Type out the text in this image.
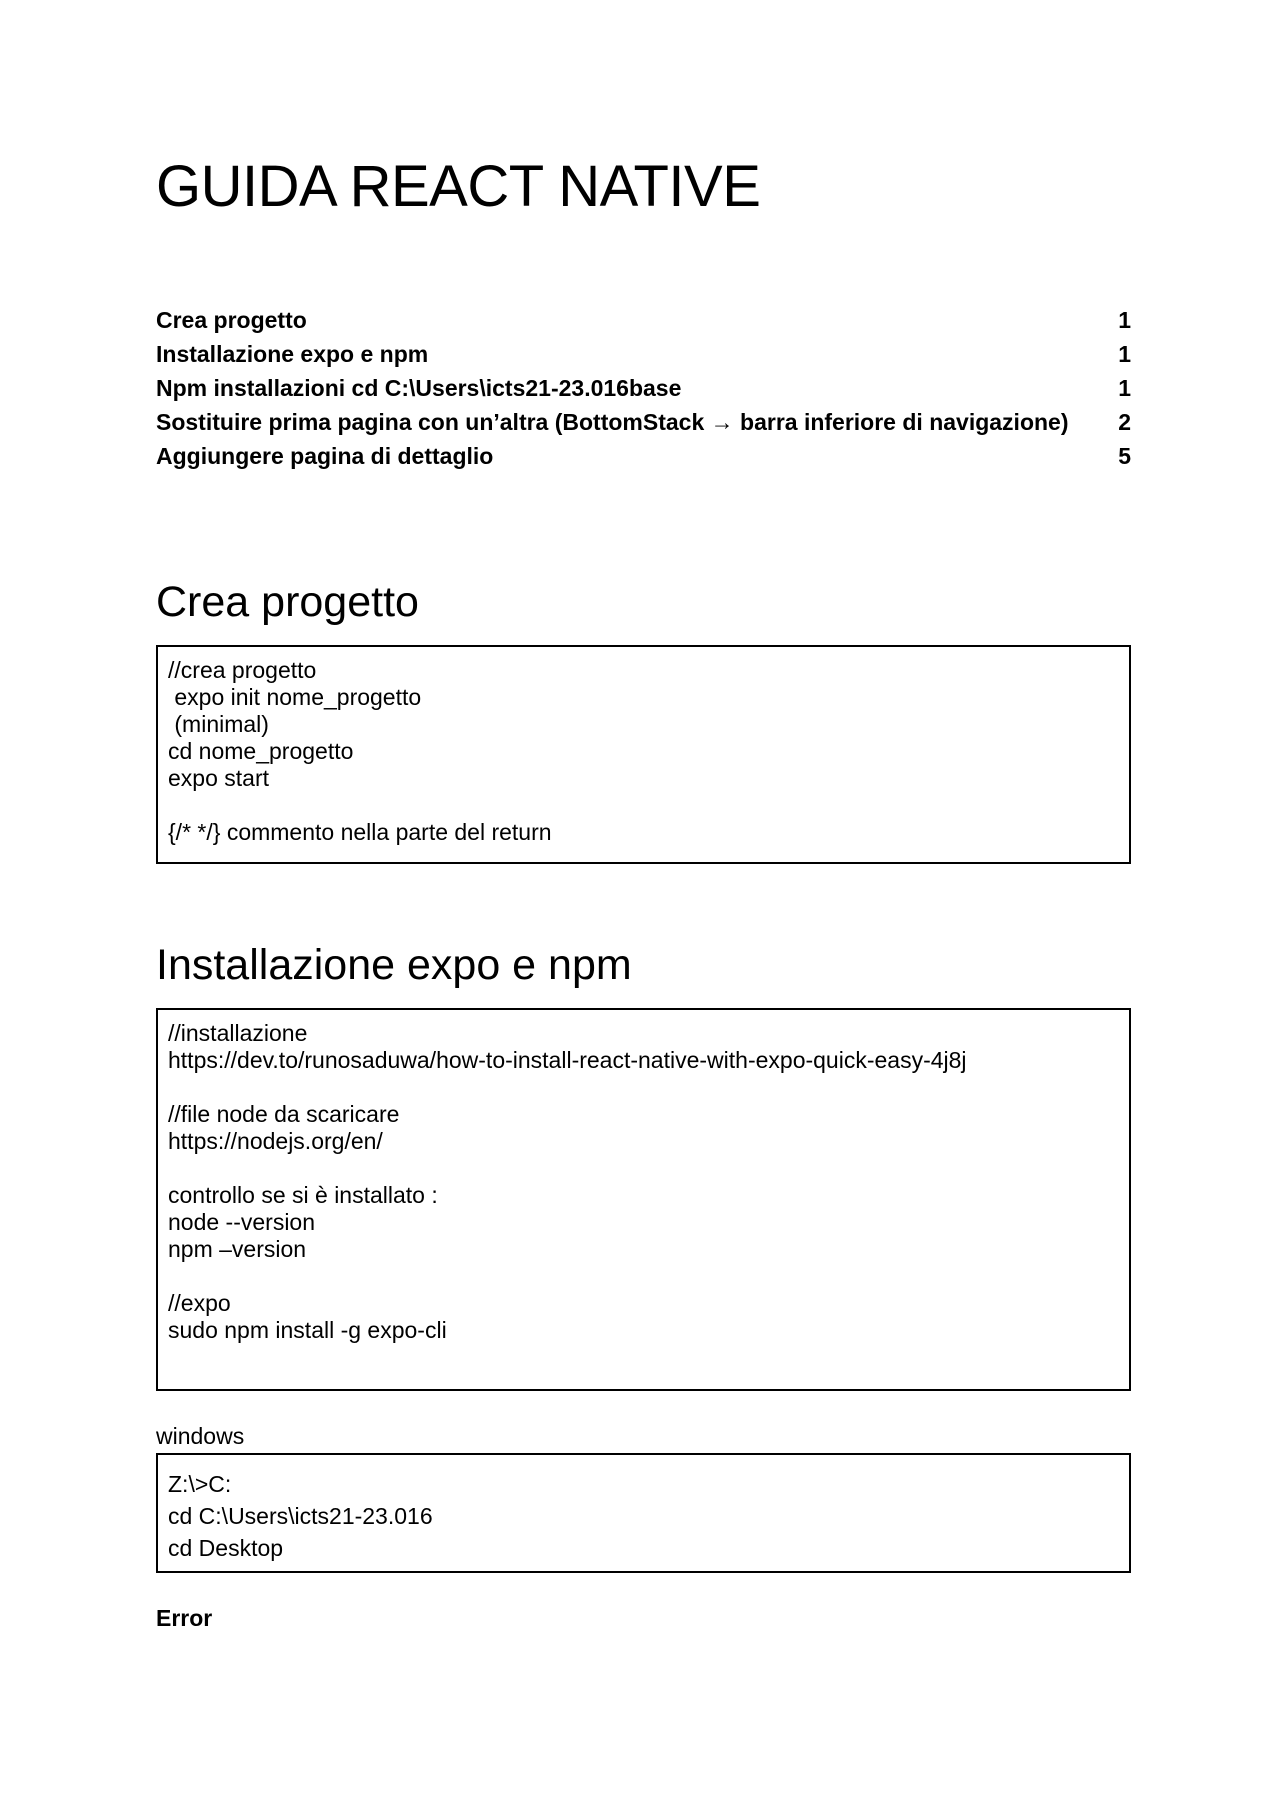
GUIDA REACT NATIVE
Crea progetto	1
Installazione expo e npm	1
Npm installazioni cd C:\Users\icts21-23.016base	1
Sostituire prima pagina con un’altra (BottomStack → barra inferiore di navigazione) 2
Aggiungere pagina di dettaglio	5
Crea progetto
//crea progetto
expo init nome_progetto
(minimal)
cd nome_progetto
expo start
{/* */} commento nella parte del return
Installazione expo e npm
//installazione
https://dev.to/runosaduwa/how-to-install-react-native-with-expo-quick-easy-4j8j
//file node da scaricare
https://nodejs.org/en/
controllo se si è installato :
node --version
npm –version
//expo
sudo npm install -g expo-cli
windows
Z:\>C:
cd C:\Users\icts21-23.016
cd Desktop
Error
